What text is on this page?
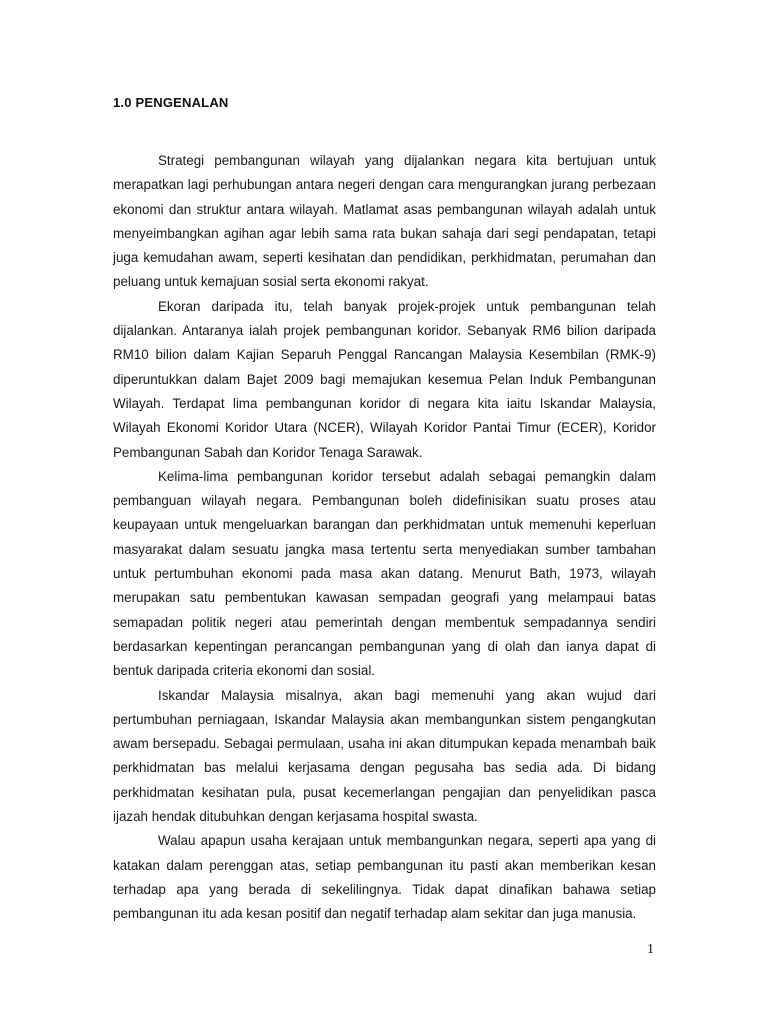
1.0 PENGENALAN

Strategi pembangunan wilayah yang dijalankan negara kita bertujuan untuk merapatkan lagi perhubungan antara negeri dengan cara mengurangkan jurang perbezaan ekonomi dan struktur antara wilayah. Matlamat asas pembangunan wilayah adalah untuk menyeimbangkan agihan agar lebih sama rata bukan sahaja dari segi pendapatan, tetapi juga kemudahan awam, seperti kesihatan dan pendidikan, perkhidmatan, perumahan dan peluang untuk kemajuan sosial serta ekonomi rakyat.

Ekoran daripada itu, telah banyak projek-projek untuk pembangunan telah dijalankan. Antaranya ialah projek pembangunan koridor. Sebanyak RM6 bilion daripada RM10 bilion dalam Kajian Separuh Penggal Rancangan Malaysia Kesembilan (RMK-9) diperuntukkan dalam Bajet 2009 bagi memajukan kesemua Pelan Induk Pembangunan Wilayah. Terdapat lima pembangunan koridor di negara kita iaitu Iskandar Malaysia, Wilayah Ekonomi Koridor Utara (NCER), Wilayah Koridor Pantai Timur (ECER), Koridor Pembangunan Sabah dan Koridor Tenaga Sarawak.

Kelima-lima pembangunan koridor tersebut adalah sebagai pemangkin dalam pembanguan wilayah negara. Pembangunan boleh didefinisikan suatu proses atau keupayaan untuk mengeluarkan barangan dan perkhidmatan untuk memenuhi keperluan masyarakat dalam sesuatu jangka masa tertentu serta menyediakan sumber tambahan untuk pertumbuhan ekonomi pada masa akan datang. Menurut Bath, 1973, wilayah merupakan satu pembentukan kawasan sempadan geografi yang melampaui batas semapadan politik negeri atau pemerintah dengan membentuk sempadannya sendiri berdasarkan kepentingan perancangan pembangunan yang di olah dan ianya dapat di bentuk daripada criteria ekonomi dan sosial.

Iskandar Malaysia misalnya, akan bagi memenuhi yang akan wujud dari pertumbuhan perniagaan, Iskandar Malaysia akan membangunkan sistem pengangkutan awam bersepadu. Sebagai permulaan, usaha ini akan ditumpukan kepada menambah baik perkhidmatan bas melalui kerjasama dengan pegusaha bas sedia ada. Di bidang perkhidmatan kesihatan pula, pusat kecemerlangan pengajian dan penyelidikan pasca ijazah hendak ditubuhkan dengan kerjasama hospital swasta.

Walau apapun usaha kerajaan untuk membangunkan negara, seperti apa yang di katakan dalam perenggan atas, setiap pembangunan itu pasti akan memberikan kesan terhadap apa yang berada di sekelilingnya. Tidak dapat dinafikan bahawa setiap pembangunan itu ada kesan positif dan negatif terhadap alam sekitar dan juga manusia.

1
